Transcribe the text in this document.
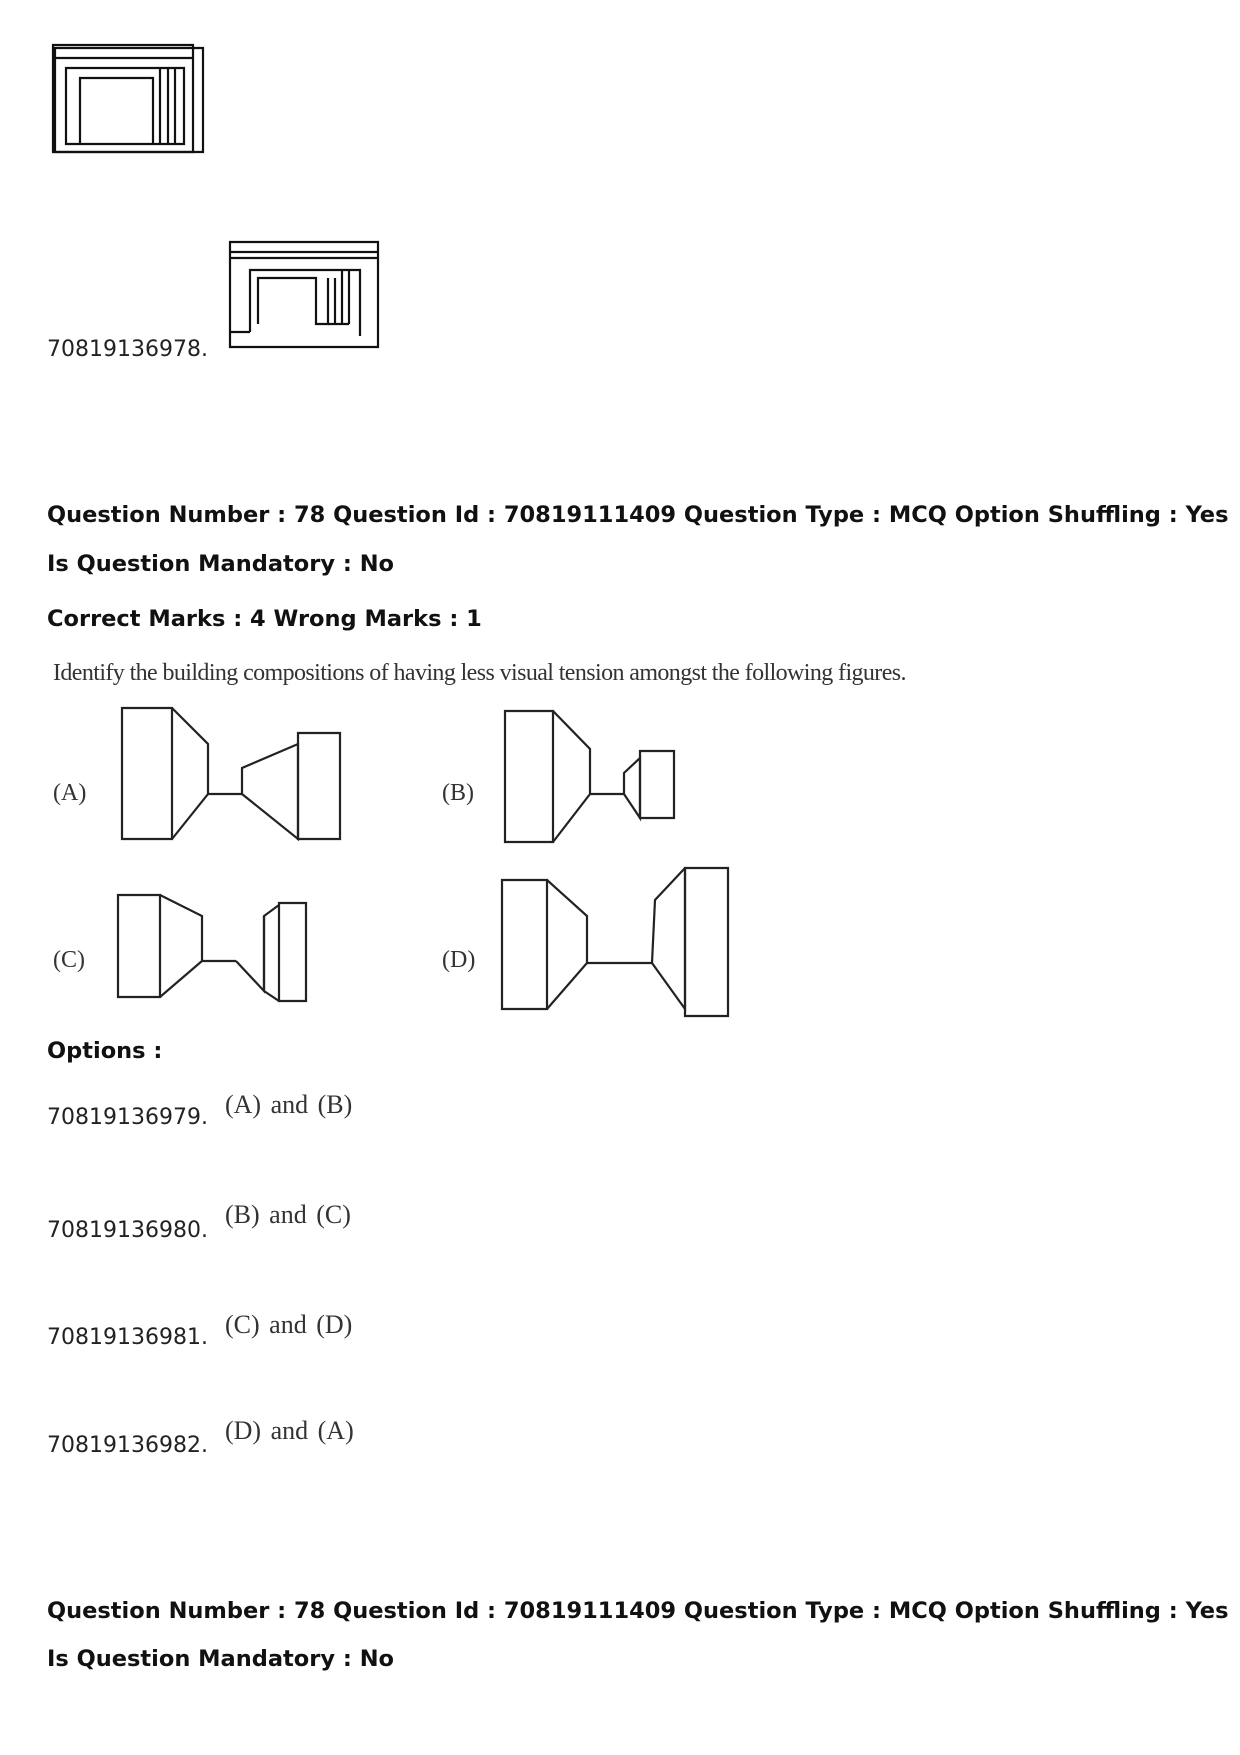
70819136978.
Question Number : 78 Question Id : 70819111409 Question Type : MCQ Option Shuffling : Yes
Is Question Mandatory : No
Correct Marks : 4 Wrong Marks : 1
Identify the building compositions of having less visual tension amongst the following figures.
(A)	(B)
(C)	(D)
Options :
70819136979. (A) and (B)
70819136980.
(B) and (C)
70819136981. (C) and (D)
70819136982.
(D) and (A)
Question Number : 78 Question Id : 70819111409 Question Type : MCQ Option Shuffling : Yes
Is Question Mandatory : No
